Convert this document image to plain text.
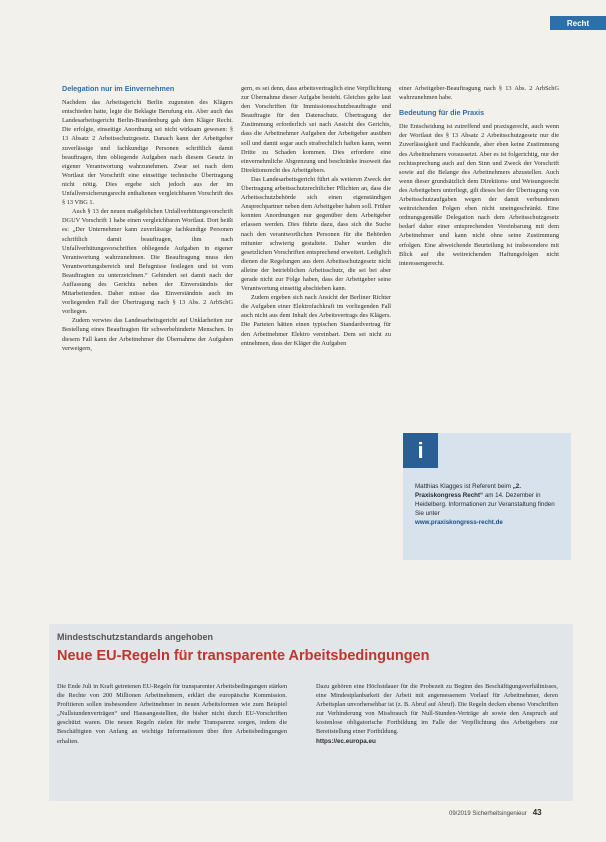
Recht
Delegation nur im Einvernehmen

Nachdem das Arbeitsgericht Berlin zugunsten des Klägers entschieden hatte, legte die Beklagte Berufung ein. Aber auch das Landesarbeitsgericht Berlin-Brandenburg gab dem Kläger Recht. Die erfolgte, einseitige Anordnung sei nicht wirksam gewesen: § 13 Absatz 2 Arbeitsschutzgesetz. Danach kann der Arbeitgeber zuverlässige und fachkundige Personen schriftlich damit beauftragen, ihm obliegende Aufgaben nach diesem Gesetz in eigener Verantwortung wahrzunehmen. Zwar sei nach dem Wortlaut der Vorschrift eine einseitige technische Übertragung nicht nötig. Dies ergebe sich jedoch aus der im Unfallversicherungsrecht enthaltenen vergleichbaren Vorschrift des § 13 VBG 1.

Auch § 13 der neuen maßgeblichen Unfallverhütungsvorschrift DGUV Vorschrift 1 habe einen vergleichbaren Wortlaut. Dort heißt es: „Der Unternehmer kann zuverlässige fachkundige Personen schriftlich damit beauftragen, ihm nach Unfallverhütungsvorschriften obliegende Aufgaben in eigener Verantwortung wahrzunehmen. Die Beauftragung muss den Verantwortungsbereich und Befugnisse festlegen und ist vom Beauftragten zu unterzeichnen.“ Gehindert sei damit nach der Auffassung des Gerichts neben der Einverständnis der Mitarbeitenden. Daher müsse das Einverständnis auch im vorliegenden Fall der Übertragung nach § 13 Abs. 2 ArbSchG vorliegen.

Zudem verwies das Landesarbeitsgericht auf Unklarheiten zur Bestellung eines Beauftragten für schwerbehinderte Menschen. In diesem Fall kann der Arbeitnehmer die Übernahme der Aufgaben verweigern,

gern, es sei denn, dass arbeitsvertraglich eine Verpflichtung zur Übernahme dieser Aufgabe besteht. Gleiches gelte laut den Vorschriften für Immissionsschutzbeauftragte und Beauftragte für den Datenschutz. Übertragung der Zustimmung erforderlich sei nach Ansicht des Gerichts, dass die Arbeitnehmer Aufgaben der Arbeitgeber ausüben soll und damit sogar auch strafrechtlich haften kann, wenn Dritte zu Schaden kommen. Dies erfordere eine einvernehmliche Abgrenzung und beschränke insoweit das Direktionsrecht des Arbeitgebers.

Das Landesarbeitsgericht führt als weiteren Zweck der Übertragung arbeitsschutzrechtlicher Pflichten an, dass die Arbeitsschutzbehörde sich einen eigenständigen Ansprechpartner neben dem Arbeitgeber haben soll. Früher konnten Anordnungen nur gegenüber dem Arbeitgeber erlassen werden. Dies führte dazu, dass sich die Suche nach den verantwortlichen Personen für die Behörden mitunter schwierig gestaltete. Daher wurden die gesetzlichen Vorschriften entsprechend erweitert. Lediglich dienen die Regelungen aus dem Arbeitsschutzgesetz nicht alleine der betrieblichen Arbeitsschutz, die sei bei aber gerade nicht zur Folge haben, dass der Arbeitgeber seine Verantwortung einseitig abschieben kann.

Zudem ergeben sich nach Ansicht der Berliner Richter die Aufgaben einer Elektrofachkraft im vorliegenden Fall auch nicht aus dem Inhalt des Arbeitsvertrags des Klägers. Die Parteien hätten einen typischen Standardvertrag für den Arbeitnehmer Elektro vereinbart. Dem sei nicht zu entnehmen, dass der Kläger die Aufgaben

einer Arbeitgeber-Beauftragung nach § 13 Abs. 2 ArbSchG wahrzunehmen habe.

Bedeutung für die Praxis

Die Entscheidung ist zutreffend und praxisgerecht, auch wenn der Wortlaut des § 13 Absatz 2 Arbeitsschutzgesetz nur die Zuverlässigkeit und Fachkunde, aber eben keine Zustimmung des Arbeitnehmers voraussetzt. Aber es ist folgerichtig, nur der rechtssprechung auch auf den Sinn und Zweck der Vorschrift sowie auf die Belange des Arbeitnehmers abzustellen. Auch wenn dieser grundsätzlich dem Direktions- und Weisungsrecht des Arbeitgebers unterliegt, gilt dieses bei der Übertragung von Arbeitsschutzaufgaben wegen der damit verbundenen weitreichenden Folgen eben nicht uneingeschränkt. Eine ordnungsgemäße Delegation nach dem Arbeitsschutzgesetz bedarf daher einer entsprechenden Vereinbarung mit dem Arbeitnehmer und kann nicht ohne seine Zustimmung erfolgen. Eine abweichende Beurteilung ist insbesondere mit Blick auf die weitreichenden Haftungsfolgen nicht interessengerecht.

i
Matthias Klagges ist Referent beim „2. Praxiskongress Recht“ am 14. Dezember in Heidelberg. Informationen zur Veranstaltung finden Sie unter
www.praxiskongress-recht.de
Mindestschutzstandards angehoben
Neue EU-Regeln für transparente Arbeitsbedingungen

Die Ende Juli in Kraft getretenen EU-Regeln für transparenter Arbeitsbedingungen stärken die Rechte von 200 Millionen Arbeitnehmern, erklärt die europäische Kommission. Profitieren sollen insbesondere Arbeitnehmer in neuen Arbeitsformen wie zum Beispiel „Nullstundenverträgen“ und Hausangestellten, die bisher nicht durch EU-Vorschriften geschützt waren. Die neuen Regeln zielen für mehr Transparenz sorgen, indem die Beschäftigten von Anfang an wichtige Informationen über ihre Arbeitsbedingungen erhalten.

Dazu gehören eine Höchstdauer für die Probezeit zu Beginn des Beschäftigungsverhältnisses, eine Mindestplanbarkeit der Arbeit mit angemessenem Vorlauf für Arbeitnehmer, deren Arbeitsplan unvorhersehbar ist (z. B. Abruf auf Abruf). Die Regeln decken ebenso Vorschriften zur Verhinderung von Missbrauch für Null-Stunden-Verträge ab sowie den Anspruch auf kostenlose obligatorische Fortbildung im Falle der Verpflichtung des Arbeitgebers zur Bereitstellung einer Fortbildung.

https://ec.europa.eu
09/2019 Sicherheitsingenieur 43
